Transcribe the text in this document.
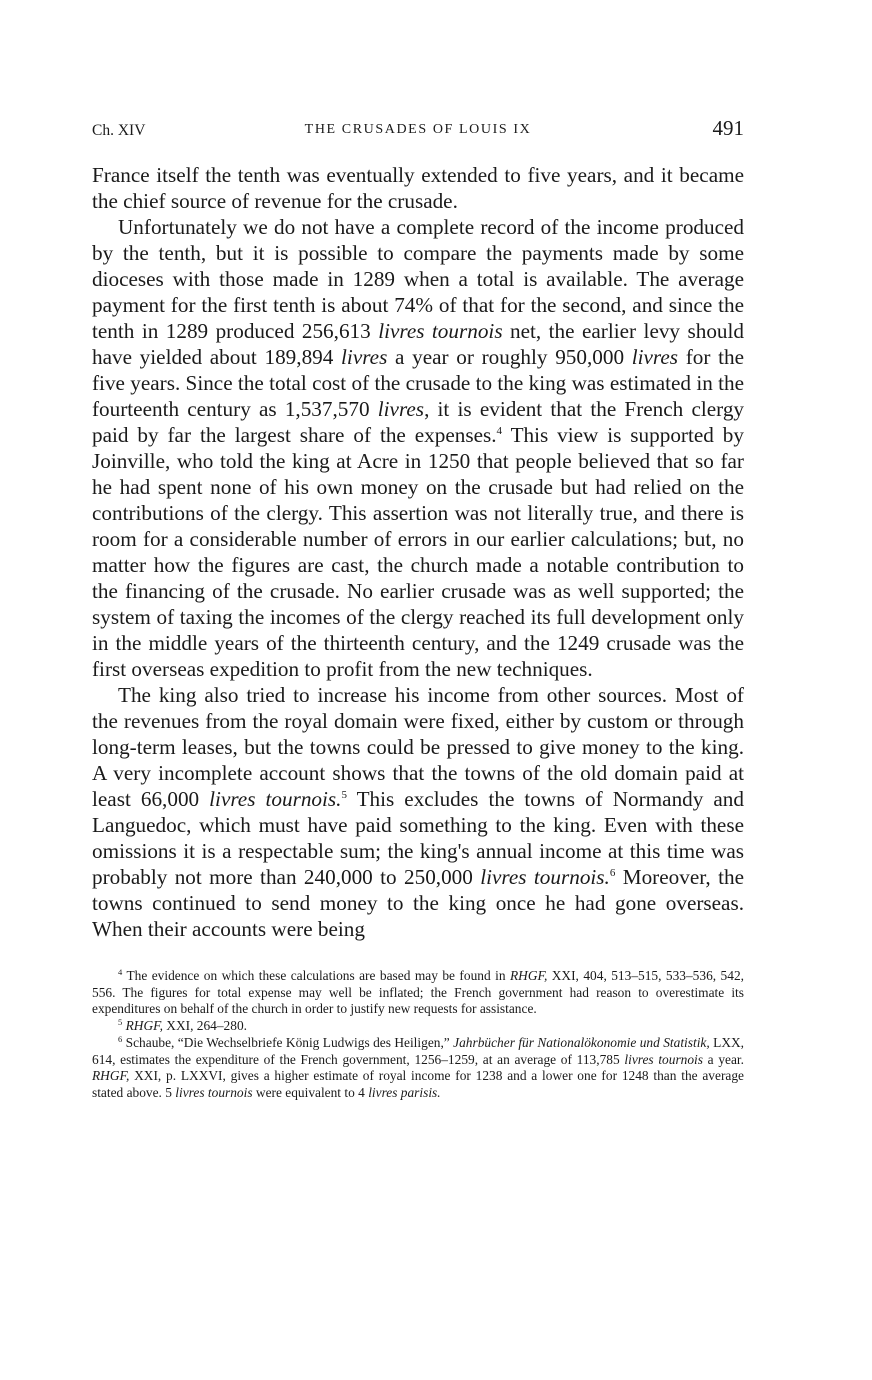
Ch. XIV	THE CRUSADES OF LOUIS IX	491

France itself the tenth was eventually extended to five years, and it became the chief source of revenue for the crusade.

Unfortunately we do not have a complete record of the income produced by the tenth, but it is possible to compare the payments made by some dioceses with those made in 1289 when a total is available. The average payment for the first tenth is about 74% of that for the second, and since the tenth in 1289 produced 256,613 livres tournois net, the earlier levy should have yielded about 189,894 livres a year or roughly 950,000 livres for the five years. Since the total cost of the crusade to the king was estimated in the fourteenth century as 1,537,570 livres, it is evident that the French clergy paid by far the largest share of the expenses.$^4$ This view is supported by Joinville, who told the king at Acre in 1250 that people believed that so far he had spent none of his own money on the crusade but had relied on the contributions of the clergy. This assertion was not literally true, and there is room for a considerable number of errors in our earlier calculations; but, no matter how the figures are cast, the church made a notable contribution to the financing of the crusade. No earlier crusade was as well supported; the system of taxing the incomes of the clergy reached its full development only in the middle years of the thirteenth century, and the 1249 crusade was the first overseas expedition to profit from the new techniques.

The king also tried to increase his income from other sources. Most of the revenues from the royal domain were fixed, either by custom or through long-term leases, but the towns could be pressed to give money to the king. A very incomplete account shows that the towns of the old domain paid at least 66,000 livres tournois.$^5$ This excludes the towns of Normandy and Languedoc, which must have paid something to the king. Even with these omissions it is a respectable sum; the king's annual income at this time was probably not more than 240,000 to 250,000 livres tournois.$^6$ Moreover, the towns continued to send money to the king once he had gone overseas. When their accounts were being

$^4$ The evidence on which these calculations are based may be found in RHGF, XXI, 404, 513–515, 533–536, 542, 556. The figures for total expense may well be inflated; the French government had reason to overestimate its expenditures on behalf of the church in order to justify new requests for assistance.

$^5$ RHGF, XXI, 264–280.

$^6$ Schaube, “Die Wechselbriefe König Ludwigs des Heiligen,” Jahrbücher für Nationalökonomie und Statistik, LXX, 614, estimates the expenditure of the French government, 1256–1259, at an average of 113,785 livres tournois a year. RHGF, XXI, p. LXXVI, gives a higher estimate of royal income for 1238 and a lower one for 1248 than the average stated above. 5 livres tournois were equivalent to 4 livres parisis.
